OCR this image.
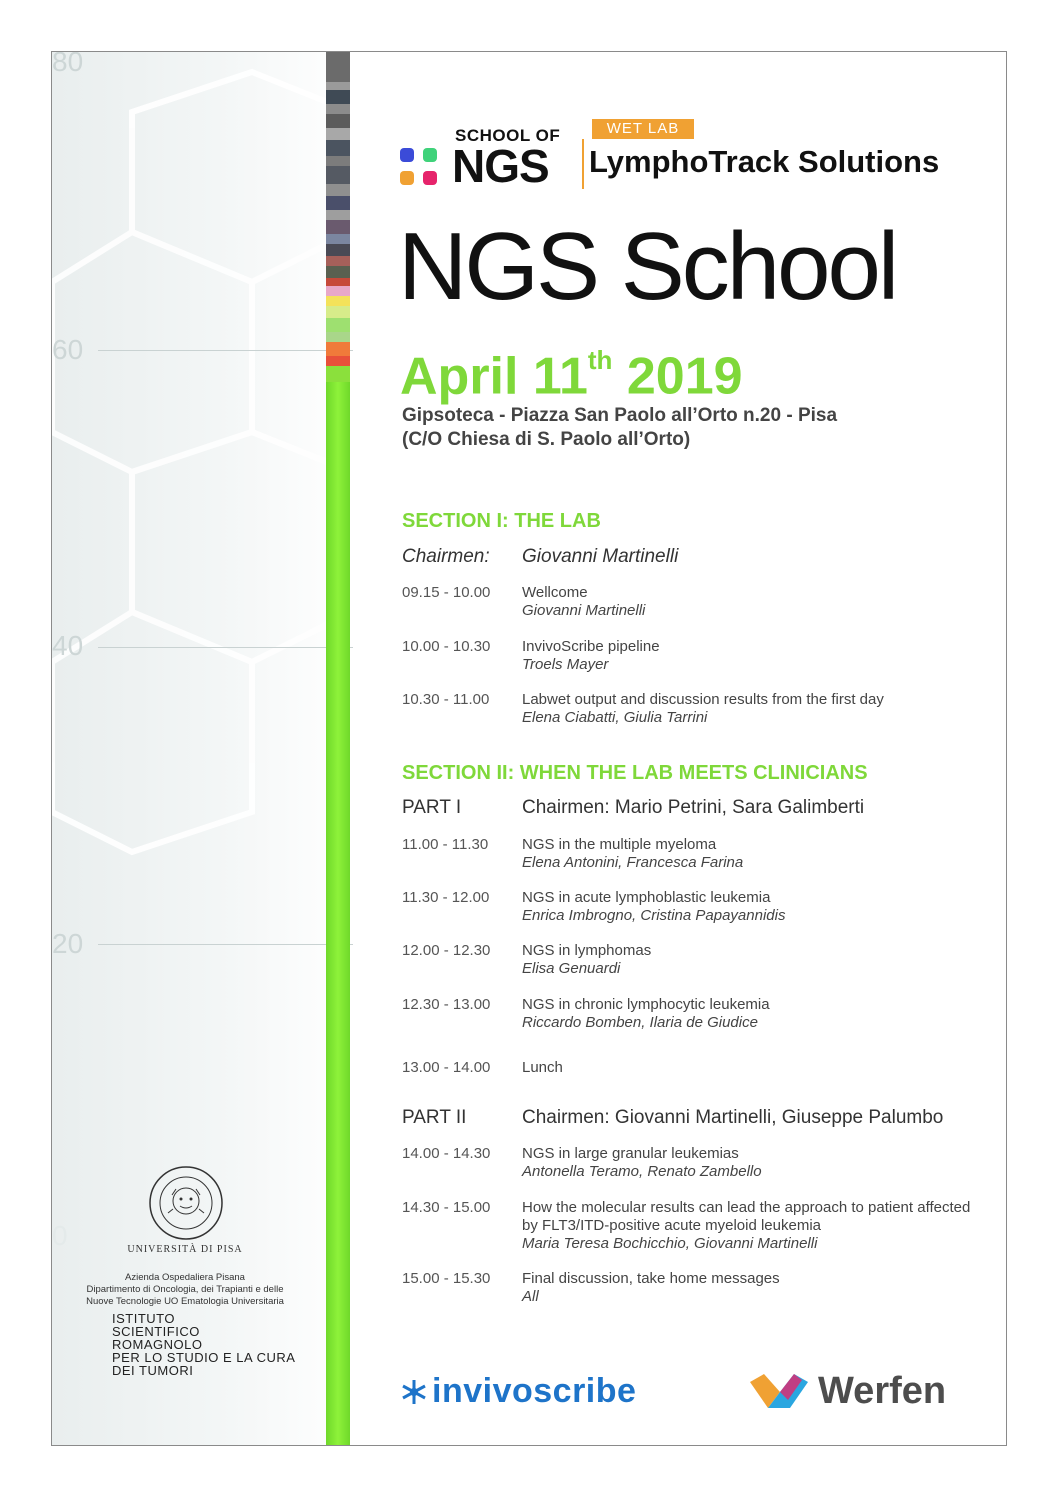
80
60
40
20
0
SCHOOL OF
NGS
WET LAB
LymphoTrack Solutions
NGS School
April 11th 2019
Gipsoteca - Piazza San Paolo all’Orto n.20 - Pisa
(C/O Chiesa di S. Paolo all’Orto)
SECTION I: THE LAB
Chairmen: Giovanni Martinelli
09.15 - 10.00 Wellcome
Giovanni Martinelli
10.00 - 10.30 InvivoScribe pipeline
Troels Mayer
10.30 - 11.00 Labwet output and discussion results from the first day
Elena Ciabatti, Giulia Tarrini
SECTION II: WHEN THE LAB MEETS CLINICIANS
PART I	Chairmen: Mario Petrini, Sara Galimberti
11.00 - 11.30 NGS in the multiple myeloma
Elena Antonini, Francesca Farina
11.30 - 12.00 NGS in acute lymphoblastic leukemia
Enrica Imbrogno, Cristina Papayannidis
12.00 - 12.30 NGS in lymphomas
Elisa Genuardi
12.30 - 13.00 NGS in chronic lymphocytic leukemia
Riccardo Bomben, Ilaria de Giudice
13.00 - 14.00 Lunch
PART II	Chairmen: Giovanni Martinelli, Giuseppe Palumbo
14.00 - 14.30 NGS in large granular leukemias
Antonella Teramo, Renato Zambello
14.30 - 15.00 How the molecular results can lead the approach to patient affected by FLT3/ITD-positive acute myeloid leukemia
Maria Teresa Bochicchio, Giovanni Martinelli
15.00 - 15.30 Final discussion, take home messages
All
UNIVERSITÀ DI PISA
Azienda Ospedaliera Pisana
Dipartimento di Oncologia, dei Trapianti e delle
Nuove Tecnologie UO Ematologia Universitaria
ISTITUTO
SCIENTIFICO
ROMAGNOLO
PER LO STUDIO E LA CURA
DEI TUMORI
invivoscribe	Werfen
